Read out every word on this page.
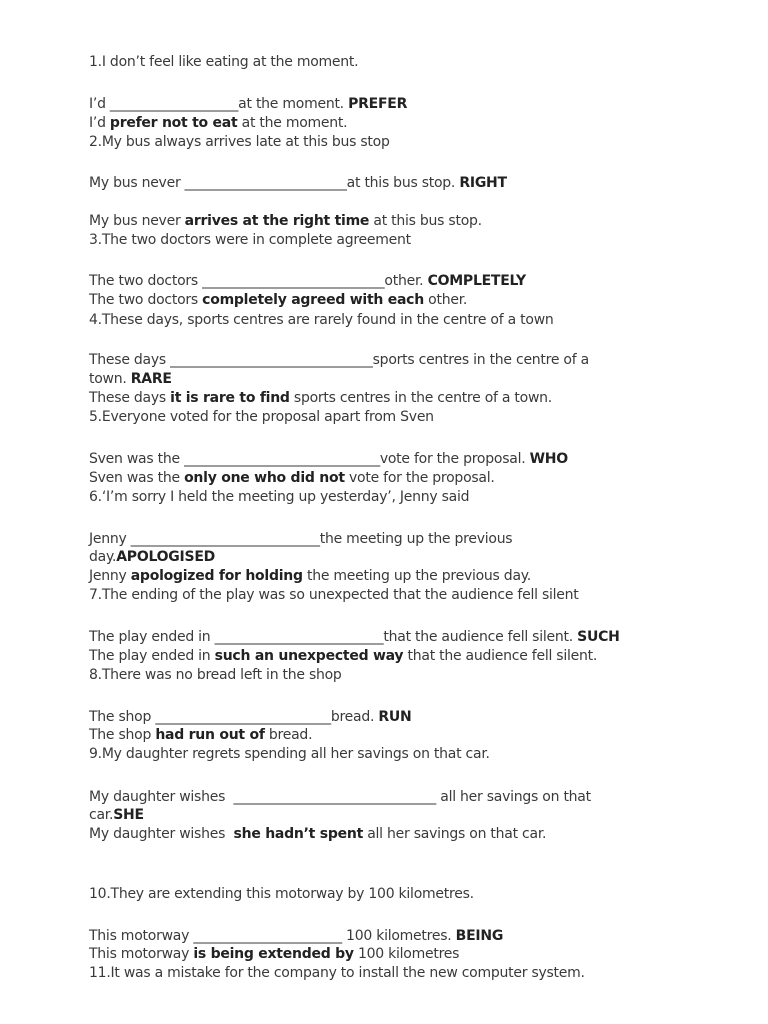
1.I don’t feel like eating at the moment.

I’d ___________________at the moment. PREFER

I’d prefer not to eat at the moment.

2.My bus always arrives late at this bus stop

My bus never ________________________at this bus stop. RIGHT

My bus never arrives at the right time at this bus stop.

3.The two doctors were in complete agreement

The two doctors ___________________________other. COMPLETELY

The two doctors completely agreed with each other.

4.These days, sports centres are rarely found in the centre of a town

These days ______________________________sports centres in the centre of a

town. RARE

These days it is rare to find sports centres in the centre of a town.

5.Everyone voted for the proposal apart from Sven

Sven was the _____________________________vote for the proposal. WHO

Sven was the only one who did not vote for the proposal.

6.‘I’m sorry I held the meeting up yesterday’, Jenny said

Jenny ____________________________the meeting up the previous

day.APOLOGISED

Jenny apologized for holding the meeting up the previous day.

7.The ending of the play was so unexpected that the audience fell silent

The play ended in _________________________that the audience fell silent. SUCH

The play ended in such an unexpected way that the audience fell silent.

8.There was no bread left in the shop

The shop __________________________bread. RUN

The shop had run out of bread.

9.My daughter regrets spending all her savings on that car.

My daughter wishes  ______________________________ all her savings on that

car.SHE

My daughter wishes  she hadn’t spent all her savings on that car.

10.They are extending this motorway by 100 kilometres.

This motorway ______________________ 100 kilometres. BEING

This motorway is being extended by 100 kilometres

11.It was a mistake for the company to install the new computer system.
